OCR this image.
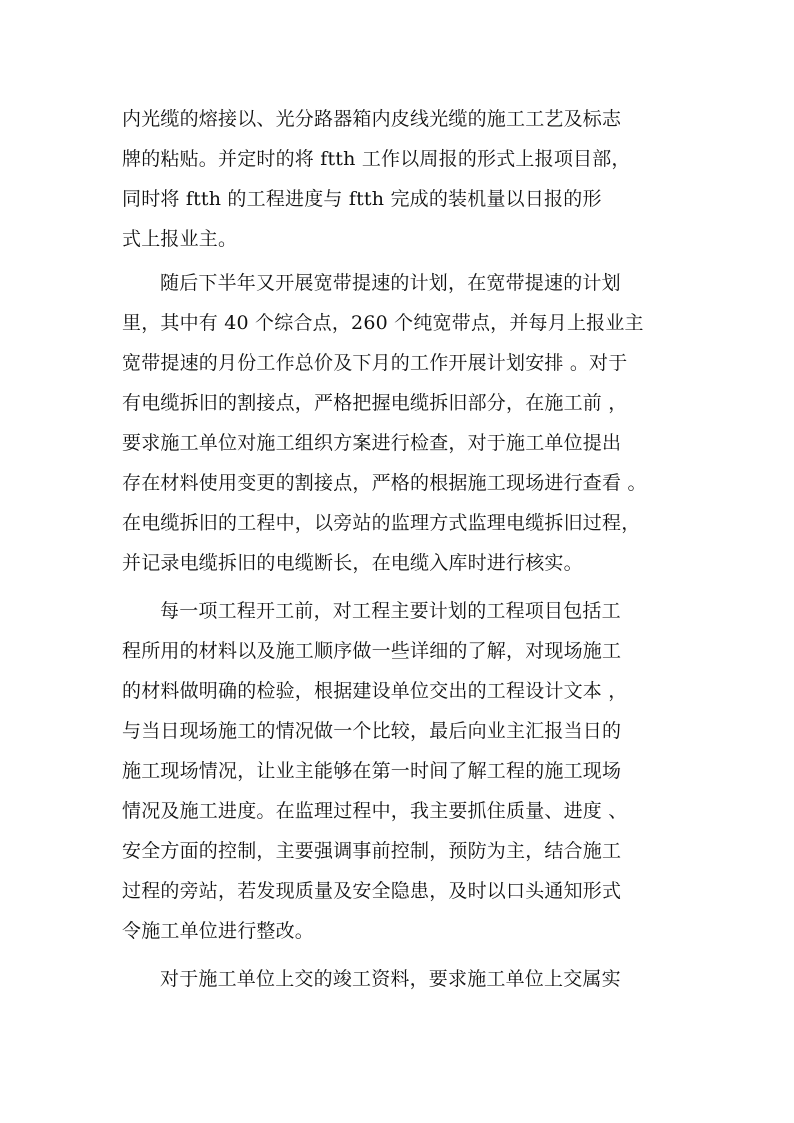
内光缆的熔接以、光分路器箱内皮线光缆的施工工艺及标志
牌的粘贴。并定时的将 ftth 工作以周报的形式上报项目部，
同时将 ftth 的工程进度与 ftth 完成的装机量以日报的形
式上报业主。
随后下半年又开展宽带提速的计划，在宽带提速的计划
里，其中有 40 个综合点，260 个纯宽带点，并每月上报业主
宽带提速的月份工作总价及下月的工作开展计划安排 。对于
有电缆拆旧的割接点，严格把握电缆拆旧部分，在施工前 ，
要求施工单位对施工组织方案进行检查，对于施工单位提出
存在材料使用变更的割接点，严格的根据施工现场进行查看 。
在电缆拆旧的工程中，以旁站的监理方式监理电缆拆旧过程，
并记录电缆拆旧的电缆断长，在电缆入库时进行核实。
每一项工程开工前，对工程主要计划的工程项目包括工
程所用的材料以及施工顺序做一些详细的了解，对现场施工
的材料做明确的检验，根据建设单位交出的工程设计文本 ，
与当日现场施工的情况做一个比较，最后向业主汇报当日的
施工现场情况，让业主能够在第一时间了解工程的施工现场
情况及施工进度。在监理过程中，我主要抓住质量、进度 、
安全方面的控制，主要强调事前控制，预防为主，结合施工
过程的旁站，若发现质量及安全隐患，及时以口头通知形式
令施工单位进行整改。
对于施工单位上交的竣工资料，要求施工单位上交属实
